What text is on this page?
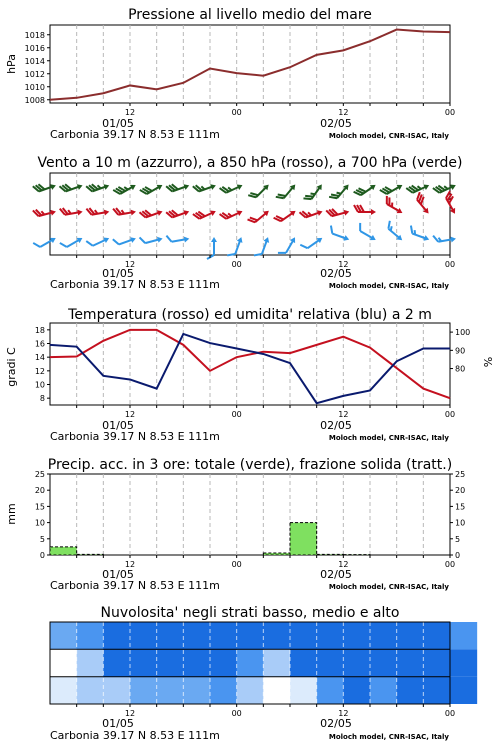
Pressione al livello medio del mare
1008
1010
1012
1014
1016
1018
hPa
12	00	12	00
01/05	02/05
Carbonia 39.17 N 8.53 E 111m	Moloch model, CNR-ISAC, Italy
Vento a 10 m (azzurro), a 850 hPa (rosso), a 700 hPa (verde)
12	00	12	00
01/05	02/05
Carbonia 39.17 N 8.53 E 111m	Moloch model, CNR-ISAC, Italy
Temperatura (rosso) ed umidita' relativa (blu) a 2 m
8
10
12
14
16
18
80
90
100
gradi C	%
12	00	12	00
01/05	02/05
Carbonia 39.17 N 8.53 E 111m	Moloch model, CNR-ISAC, Italy
Precip. acc. in 3 ore: totale (verde), frazione solida (tratt.)
0
5
10
15
20
25
0
5
10
15
20
25
mm
12	00	12	00
01/05	02/05
Carbonia 39.17 N 8.53 E 111m	Moloch model, CNR-ISAC, Italy
Nuvolosita' negli strati basso, medio e alto
12	00	12	00
01/05	02/05
Carbonia 39.17 N 8.53 E 111m	Moloch model, CNR-ISAC, Italy
